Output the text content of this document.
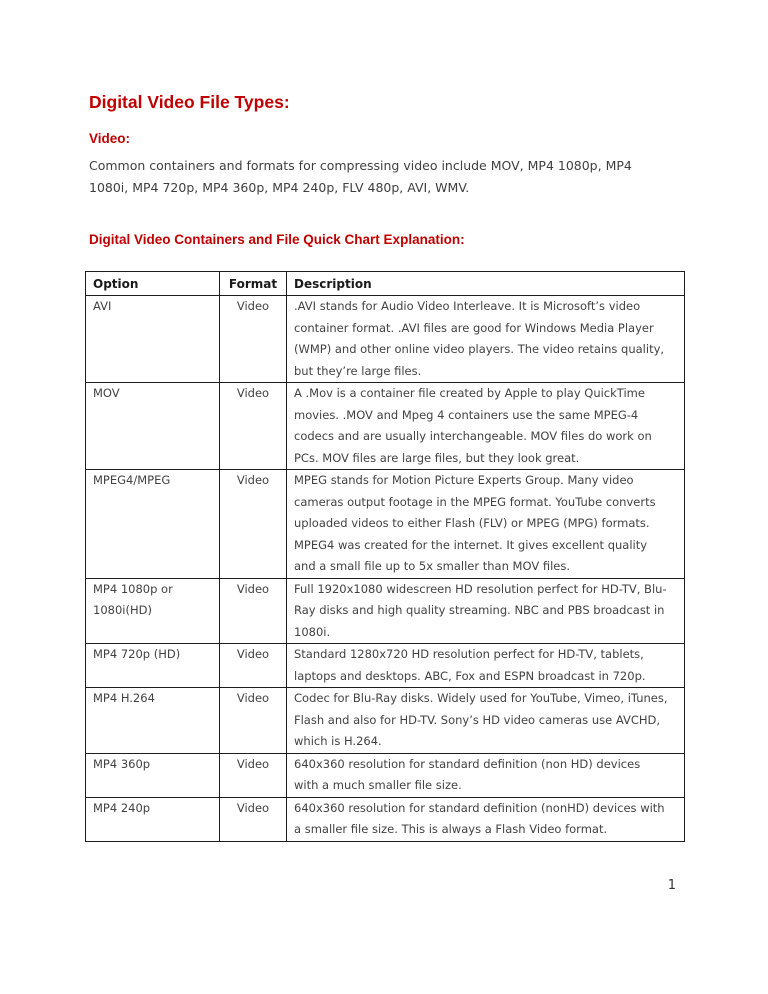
Digital Video File Types:
Video:

Common containers and formats for compressing video include MOV, MP4 1080p, MP4 1080i, MP4 720p, MP4 360p, MP4 240p, FLV 480p, AVI, WMV.

Digital Video Containers and File Quick Chart Explanation:
Option	Format	Description
AVI	Video	.AVI stands for Audio Video Interleave. It is Microsoft’s video container format. .AVI files are good for Windows Media Player (WMP) and other online video players. The video retains quality, but they’re large files.
MOV	Video	A .Mov is a container file created by Apple to play QuickTime movies. .MOV and Mpeg 4 containers use the same MPEG-4 codecs and are usually interchangeable. MOV files do work on PCs. MOV files are large files, but they look great.
MPEG4/MPEG	Video	MPEG stands for Motion Picture Experts Group. Many video cameras output footage in the MPEG format. YouTube converts uploaded videos to either Flash (FLV) or MPEG (MPG) formats. MPEG4 was created for the internet. It gives excellent quality and a small file up to 5x smaller than MOV files.
MP4 1080p or 1080i(HD)	Video	Full 1920x1080 widescreen HD resolution perfect for HD-TV, Blu-Ray disks and high quality streaming. NBC and PBS broadcast in 1080i.
MP4 720p (HD)	Video	Standard 1280x720 HD resolution perfect for HD-TV, tablets, laptops and desktops. ABC, Fox and ESPN broadcast in 720p.
MP4 H.264	Video	Codec for Blu-Ray disks. Widely used for YouTube, Vimeo, iTunes, Flash and also for HD-TV. Sony’s HD video cameras use AVCHD, which is H.264.
MP4 360p	Video	640x360 resolution for standard definition (non HD) devices with a much smaller file size.
MP4 240p	Video	640x360 resolution for standard definition (nonHD) devices with a smaller file size. This is always a Flash Video format.
1
